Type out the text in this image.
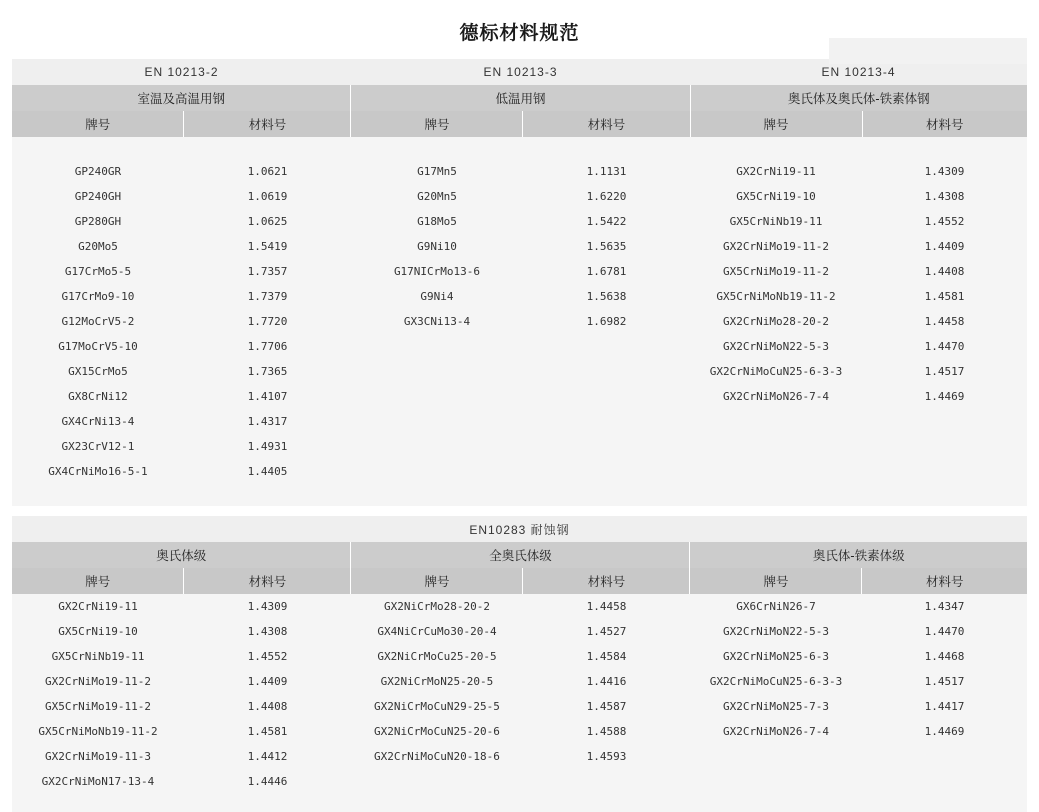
德标材料规范
EN 10213-2		EN 10213-3		EN 10213-4	
室温及高温用钢		低温用钢		奥氏体及奥氏体-铁素体钢	
牌号	材料号	牌号	材料号	牌号	材料号

GP240GR	1.0621	G17Mn5	1.1131	GX2CrNi19-11	1.4309
GP240GH	1.0619	G20Mn5	1.6220	GX5CrNi19-10	1.4308
GP280GH	1.0625	G18Mo5	1.5422	GX5CrNiNb19-11	1.4552
G20Mo5	1.5419	G9Ni10	1.5635	GX2CrNiMo19-11-2	1.4409
G17CrMo5-5	1.7357	G17NICrMo13-6	1.6781	GX5CrNiMo19-11-2	1.4408
G17CrMo9-10	1.7379	G9Ni4	1.5638	GX5CrNiMoNb19-11-2	1.4581
G12MoCrV5-2	1.7720	GX3CNi13-4	1.6982	GX2CrNiMo28-20-2	1.4458
G17MoCrV5-10	1.7706			GX2CrNiMoN22-5-3	1.4470
GX15CrMo5	1.7365			GX2CrNiMoCuN25-6-3-3	1.4517
GX8CrNi12	1.4107			GX2CrNiMoN26-7-4	1.4469
GX4CrNi13-4	1.4317				
GX23CrV12-1	1.4931				
GX4CrNiMo16-5-1	1.4405				

EN10283 耐蚀钢					
奥氏体级		全奥氏体级		奥氏体-铁素体级	
牌号	材料号	牌号	材料号	牌号	材料号
GX2CrNi19-11	1.4309	GX2NiCrMo28-20-2	1.4458	GX6CrNiN26-7	1.4347
GX5CrNi19-10	1.4308	GX4NiCrCuMo30-20-4	1.4527	GX2CrNiMoN22-5-3	1.4470
GX5CrNiNb19-11	1.4552	GX2NiCrMoCu25-20-5	1.4584	GX2CrNiMoN25-6-3	1.4468
GX2CrNiMo19-11-2	1.4409	GX2NiCrMoN25-20-5	1.4416	GX2CrNiMoCuN25-6-3-3	1.4517
GX5CrNiMo19-11-2	1.4408	GX2NiCrMoCuN29-25-5	1.4587	GX2CrNiMoN25-7-3	1.4417
GX5CrNiMoNb19-11-2	1.4581	GX2NiCrMoCuN25-20-6	1.4588	GX2CrNiMoN26-7-4	1.4469
GX2CrNiMo19-11-3	1.4412	GX2CrNiMoCuN20-18-6	1.4593		
GX2CrNiMoN17-13-4	1.4446				
